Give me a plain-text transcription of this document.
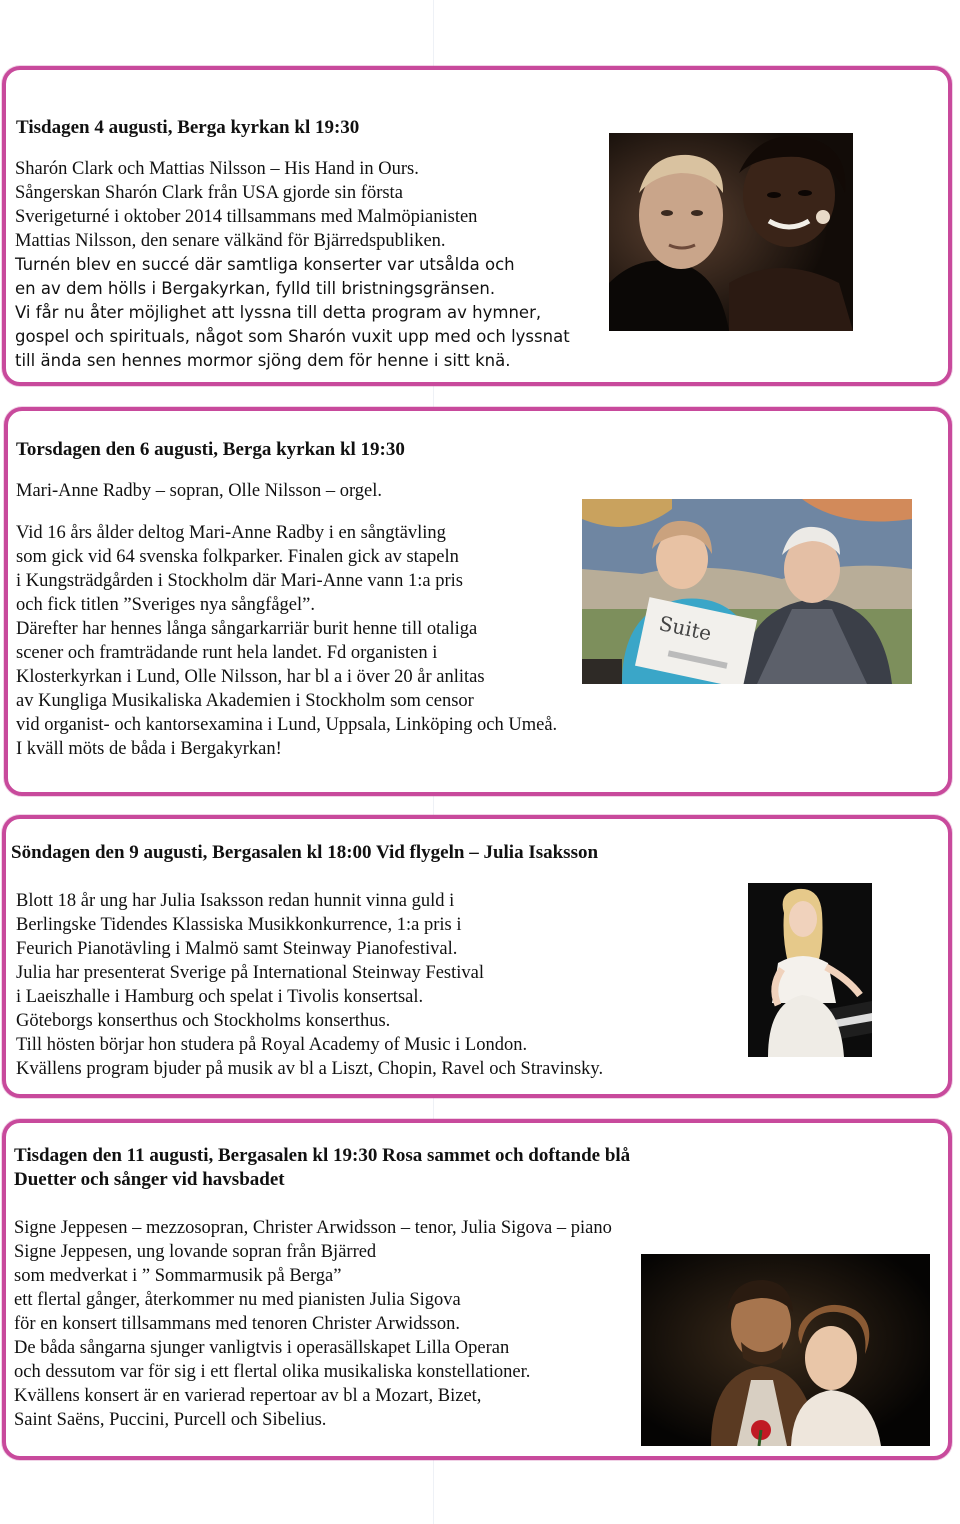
Tisdagen 4 augusti, Berga kyrkan kl 19:30
Sharón Clark och Mattias Nilsson – His Hand in Ours.
Sångerskan Sharón Clark från USA gjorde sin första
Sverigeturné i oktober 2014 tillsammans med Malmöpianisten
Mattias Nilsson, den senare välkänd för Bjärredspubliken.
Turnén blev en succé där samtliga konserter var utsålda och
en av dem hölls i Bergakyrkan, fylld till bristningsgränsen.
Vi får nu åter möjlighet att lyssna till detta program av hymner,
gospel och spirituals, något som Sharón vuxit upp med och lyssnat
till ända sen hennes mormor sjöng dem för henne i sitt knä.
Torsdagen den 6 augusti, Berga kyrkan kl 19:30

Mari-Anne Radby – sopran, Olle Nilsson – orgel.

Vid 16 års ålder deltog Mari-Anne Radby i en sångtävling
som gick vid 64 svenska folkparker. Finalen gick av stapeln
i Kungsträdgården i Stockholm där Mari-Anne vann 1:a pris
och fick titlen ”Sveriges nya sångfågel”.
Därefter har hennes långa sångarkarriär burit henne till otaliga
scener och framträdande runt hela landet. Fd organisten i
Klosterkyrkan i Lund, Olle Nilsson, har bl a i över 20 år anlitas
av Kungliga Musikaliska Akademien i Stockholm som censor
vid organist- och kantorsexamina i Lund, Uppsala, Linköping och Umeå.
I kväll möts de båda i Bergakyrkan!
Suite
Söndagen den 9 augusti, Bergasalen kl 18:00 Vid flygeln – Julia Isaksson
Blott 18 år ung har Julia Isaksson redan hunnit vinna guld i
Berlingske Tidendes Klassiska Musikkonkurrence, 1:a pris i
Feurich Pianotävling i Malmö samt Steinway Pianofestival.
Julia har presenterat Sverige på International Steinway Festival
i Laeiszhalle i Hamburg och spelat i Tivolis konsertsal.
Göteborgs konserthus och Stockholms konserthus.
Till hösten börjar hon studera på Royal Academy of Music i London.
Kvällens program bjuder på musik av bl a Liszt, Chopin, Ravel och Stravinsky.
Tisdagen den 11 augusti, Bergasalen kl 19:30 Rosa sammet och doftande blå
Duetter och sånger vid havsbadet
Signe Jeppesen – mezzosopran, Christer Arwidsson – tenor, Julia Sigova – piano
Signe Jeppesen, ung lovande sopran från Bjärred
som medverkat i ” Sommarmusik på Berga”
ett flertal gånger, återkommer nu med pianisten Julia Sigova
för en konsert tillsammans med tenoren Christer Arwidsson.
De båda sångarna sjunger vanligtvis i operasällskapet Lilla Operan
och dessutom var för sig i ett flertal olika musikaliska konstellationer.
Kvällens konsert är en varierad repertoar av bl a Mozart, Bizet,
Saint Saëns, Puccini, Purcell och Sibelius.
